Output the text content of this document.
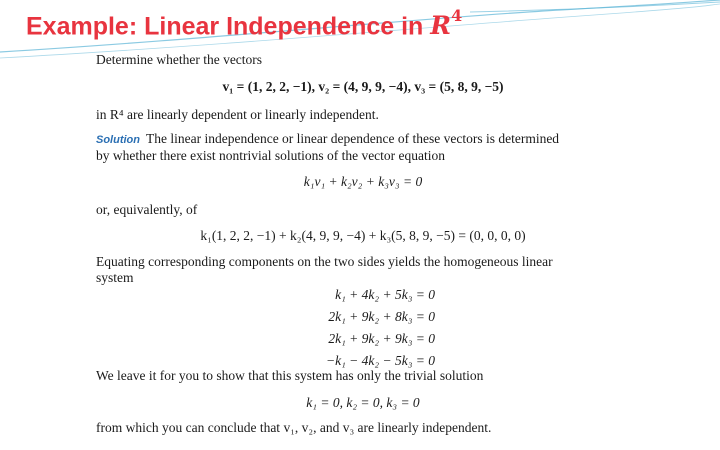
Example: Linear Independence in $R^4$
Determine whether the vectors
v₁ = (1, 2, 2, −1), v₂ = (4, 9, 9, −4), v₃ = (5, 8, 9, −5)
in R⁴ are linearly dependent or linearly independent.
Solution The linear independence or linear dependence of these vectors is determined
by whether there exist nontrivial solutions of the vector equation
k₁v₁ + k₂v₂ + k₃v₃ = 0
or, equivalently, of
k₁(1, 2, 2, −1) + k₂(4, 9, 9, −4) + k₃(5, 8, 9, −5) = (0, 0, 0, 0)
Equating corresponding components on the two sides yields the homogeneous linear
system
k₁ + 4k₂ + 5k₃ = 0
2k₁ + 9k₂ + 8k₃ = 0
2k₁ + 9k₂ + 9k₃ = 0
−k₁ − 4k₂ − 5k₃ = 0
We leave it for you to show that this system has only the trivial solution
k₁ = 0, k₂ = 0, k₃ = 0
from which you can conclude that v₁, v₂, and v₃ are linearly independent.
